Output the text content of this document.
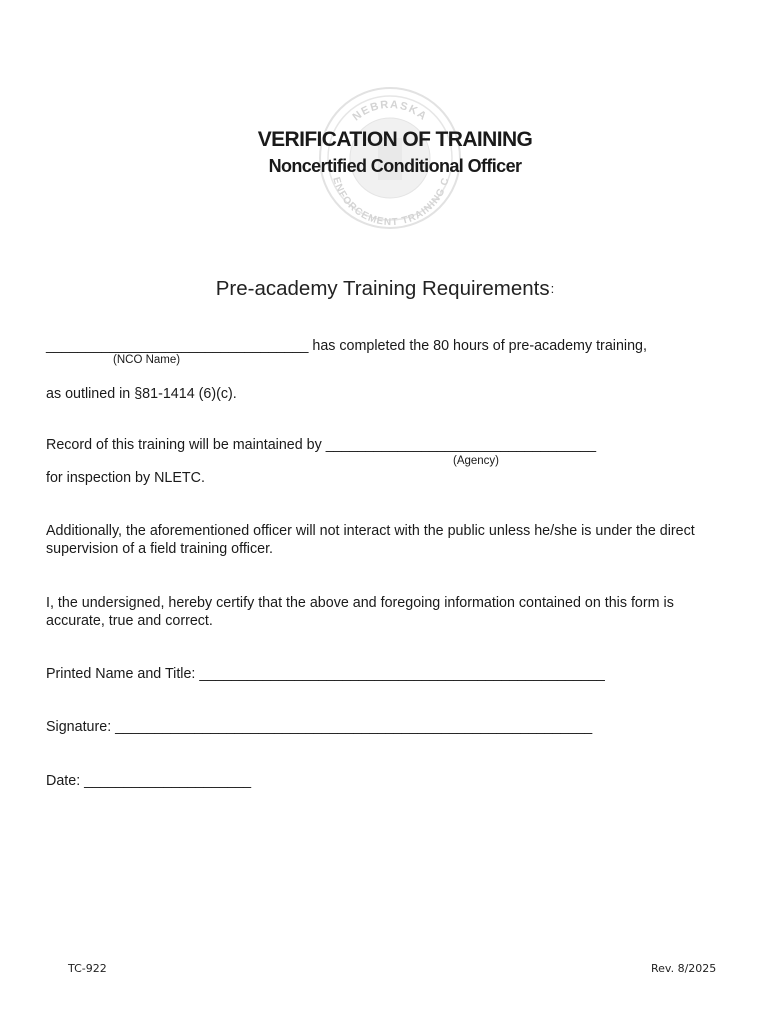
NEBRASKA
ENFORCEMENT TRAINING C
VERIFICATION OF TRAINING
Noncertified Conditional Officer
Pre-academy Training Requirements:
_________________________________ has completed the 80 hours of pre-academy training,
(NCO Name)
as outlined in §81-1414 (6)(c).
Record of this training will be maintained by __________________________________
(Agency)
for inspection by NLETC.
Additionally, the aforementioned officer will not interact with the public unless he/she is under the direct supervision of a field training officer.
I, the undersigned, hereby certify that the above and foregoing information contained on this form is accurate, true and correct.
Printed Name and Title: ___________________________________________________
Signature: ____________________________________________________________
Date: _____________________
TC-922	Rev. 8/2025
